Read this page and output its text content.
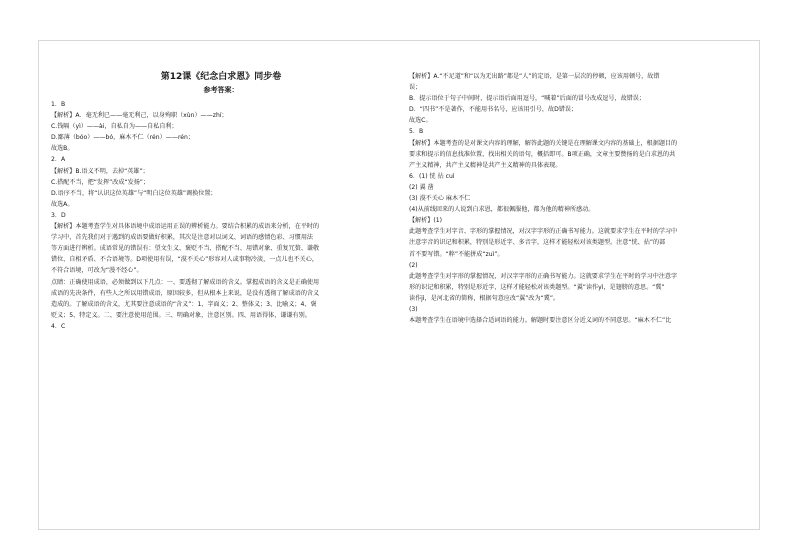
第12课《纪念白求恩》同步卷
参考答案：
1．B
【解析】A．毫无利已——毫无利己，以身殉职（xùn）——zhí；
C.钱嗝（yì）——ài，自私自为——自私自利；
D.鄙薄（bóo）——bó，麻木不仁（rén）——rén；
故选B。
2．A
【解析】B.语义不明，去掉“英雄”；
C.搭配不当，把“发挥”改成“发扬”；
D.语序不当，将“认识这位英雄”与“明白这位英雄”调换位置；
故选A。
3．D
【解析】本题考查学生对具体语境中成语运用正误的辨析能力。要结合积累的成语来分析，在平时的
学习中，首先我们对于遇到的成语要做好积累，其次是注意对以词义、词语的感情色彩、习惯用法
等方面进行辨析。成语常见的错误有：望文生义、褒贬不当、搭配不当、用错对象、重复冗赘、谦敬
错位、自相矛盾、不合语境等。D项使用有误，“漠不关心”形容对人或事物冷淡，一点儿也不关心，
不符合语境，可改为“漫不经心”。
点睛：正确使用成语，必须做到以下几点：一、要透彻了解成语的含义。掌握成语的含义是正确使用
成语的先决条件，有些人之所以用错成语，原因较多，但从根本上来说，是没有透彻了解成语的含义
造成的。了解成语的含义，尤其要注意成语的“含义”：1、字面义；2、整体义；3、比喻义；4、褒
贬义；5、特定义。二、要注意使用范围。三、明确对象，注意区别。四、用语得体，谦谦有别。
4．C
【解析】A.“不足道”和“以为无出路”都是“人”的定语，是第一层次的停顿，应该用顿号，故错
误；
B．提示语位于句子中间时，提示语后面用逗号，“喊着”后面的冒号改成逗号，故错误；
D．“四书”不是著作，不能用书名号，应该用引号，故D错误；
故选C。
5．B
【解析】本题考查的是对课文内容的理解，解答此题的关键是在理解课文内容的基础上，根据题目的
要求和提示的信息找准位置，找出相关的语句，概括即可。B项正确，文章主要赞扬的是白求恩的共
产主义精神，共产主义精神是共产主义精神的具体表现。
6．(1) 恍 拈 cuì
(2) 翼 凿
(3) 漠不关心 麻木不仁
(4)从前线回来的人说到白求恩，都很佩服他，都为他的精神所感动。
【解析】(1)
此题考查学生对字音、字形的掌握情况，对汉字字形的正确书写能力。这就要求学生在平时的学习中
注意字音的识记和积累，特别是形近字、多音字，这样才能轻松对该类题型。注意“恍、拈”的部
首不要写错。“粹”不能拼成“zuì”。
(2)
此题考查学生对字形的掌握情况，对汉字字形的正确书写能力。这就要求学生在平时的学习中注意字
形的识记和积累，特别是形近字，这样才能轻松对该类题型。“翼”读作yì，是翅膀的意思。“冀”
读作jì，是河北省的简称，根据句意应改“翼”改为“冀”。
(3)
本题考查学生在语境中选择合适词语的能力。解题时要注意区分近义词的不同意思。“麻木不仁”比
